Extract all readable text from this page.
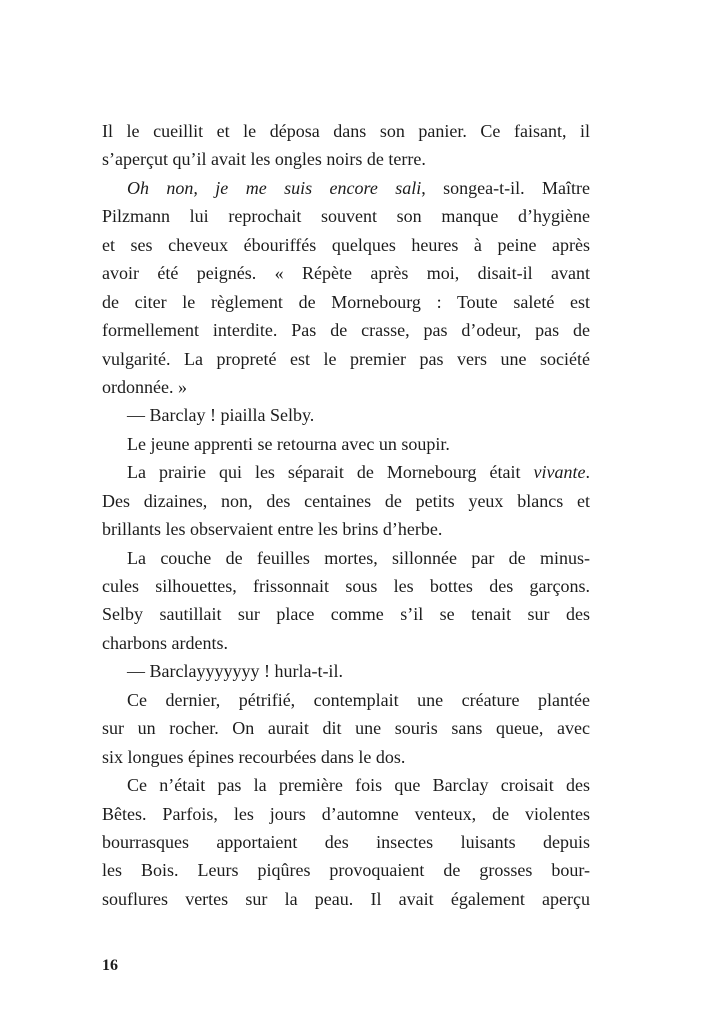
Il le cueillit et le déposa dans son panier. Ce faisant, il
s’aperçut qu’il avait les ongles noirs de terre.
Oh non, je me suis encore sali, songea-t-il. Maître
Pilzmann lui reprochait souvent son manque d’hygiène
et ses cheveux ébouriffés quelques heures à peine après
avoir été peignés. « Répète après moi, disait-il avant
de citer le règlement de Mornebourg : Toute saleté est
formellement interdite. Pas de crasse, pas d’odeur, pas de
vulgarité. La propreté est le premier pas vers une société
ordonnée. »
— Barclay ! piailla Selby.
Le jeune apprenti se retourna avec un soupir.
La prairie qui les séparait de Mornebourg était vivante.
Des dizaines, non, des centaines de petits yeux blancs et
brillants les observaient entre les brins d’herbe.
La couche de feuilles mortes, sillonnée par de minus-
cules silhouettes, frissonnait sous les bottes des garçons.
Selby sautillait sur place comme s’il se tenait sur des
charbons ardents.
— Barclayyyyyyy ! hurla-t-il.
Ce dernier, pétrifié, contemplait une créature plantée
sur un rocher. On aurait dit une souris sans queue, avec
six longues épines recourbées dans le dos.
Ce n’était pas la première fois que Barclay croisait des
Bêtes. Parfois, les jours d’automne venteux, de violentes
bourrasques apportaient des insectes luisants depuis
les Bois. Leurs piqûres provoquaient de grosses bour-
souflures vertes sur la peau. Il avait également aperçu
16
